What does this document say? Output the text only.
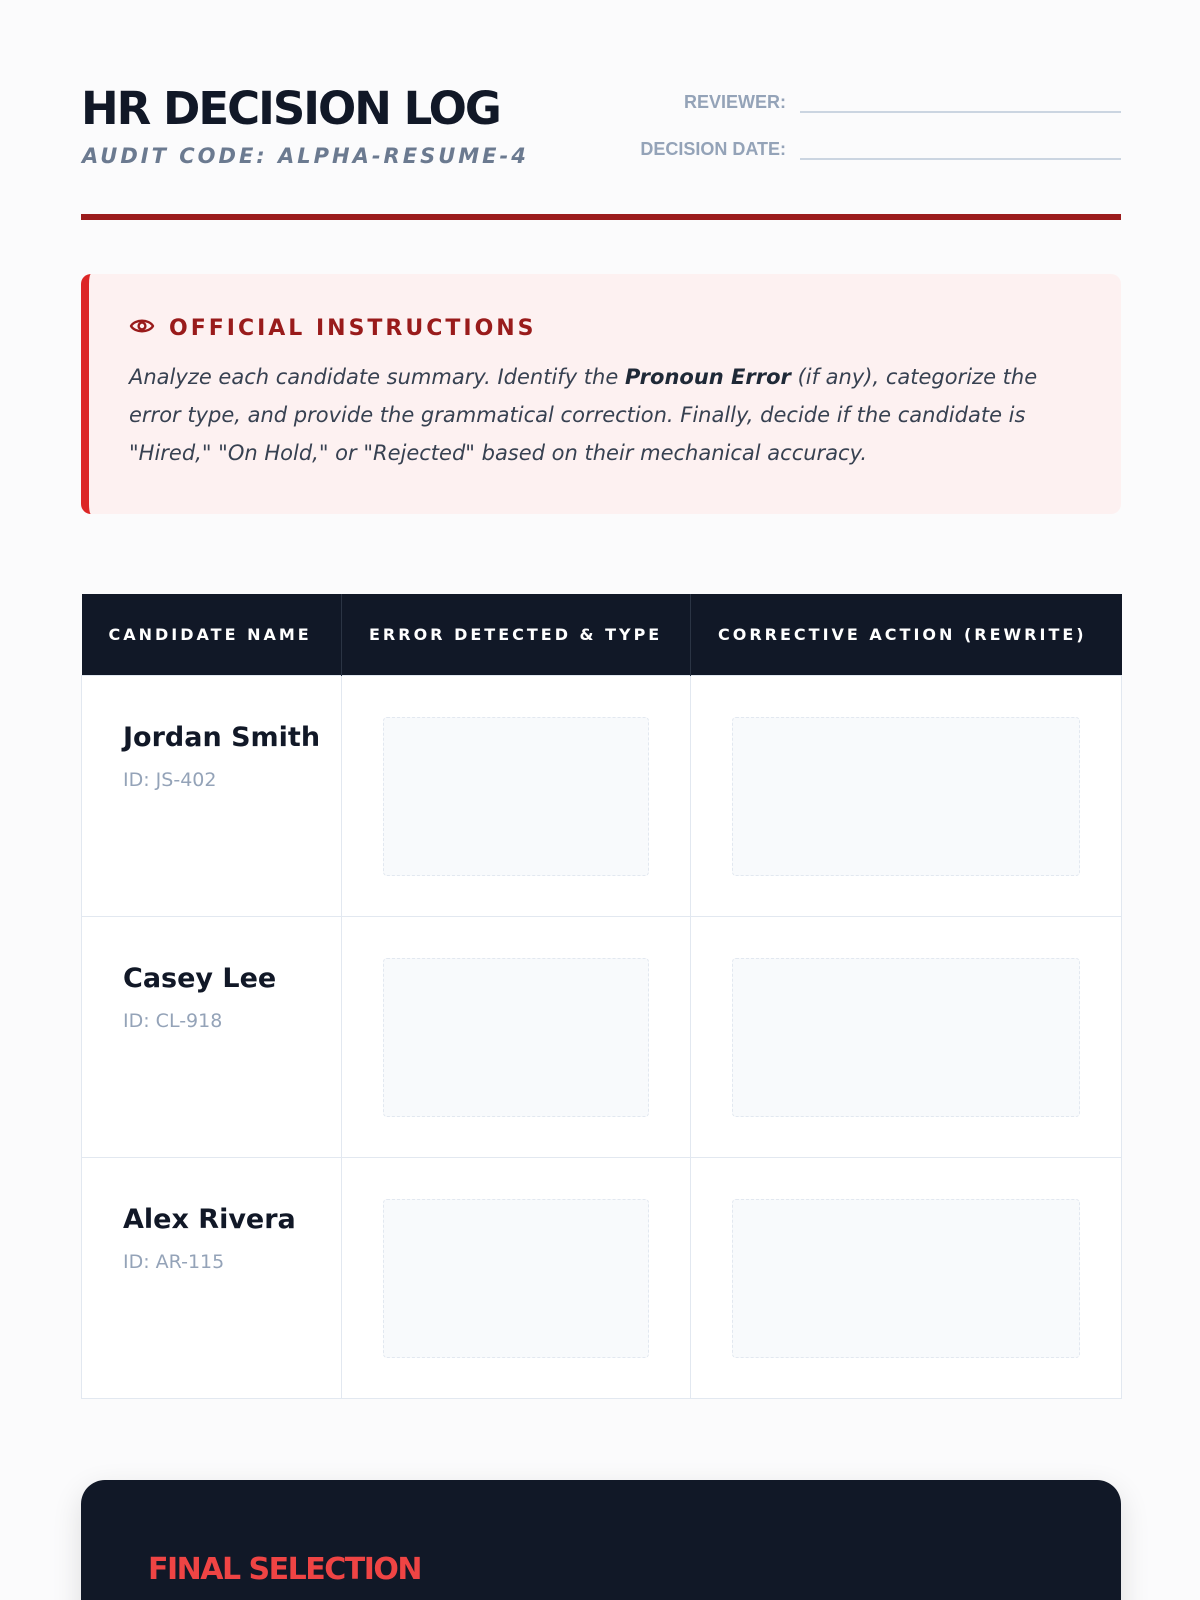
HR DECISION LOG
AUDIT CODE: ALPHA-RESUME-4
REVIEWER:
DECISION DATE:
OFFICIAL INSTRUCTIONS

Analyze each candidate summary. Identify the Pronoun Error (if any), categorize the error type, and provide the grammatical correction. Finally, decide if the candidate is "Hired," "On Hold," or "Rejected" based on their mechanical accuracy.

CANDIDATE NAME	ERROR DETECTED & TYPE	CORRECTIVE ACTION (REWRITE)

Jordan Smith
ID: JS-402		

Casey Lee
ID: CL-918		

Alex Rivera
ID: AR-115		

FINAL SELECTION
